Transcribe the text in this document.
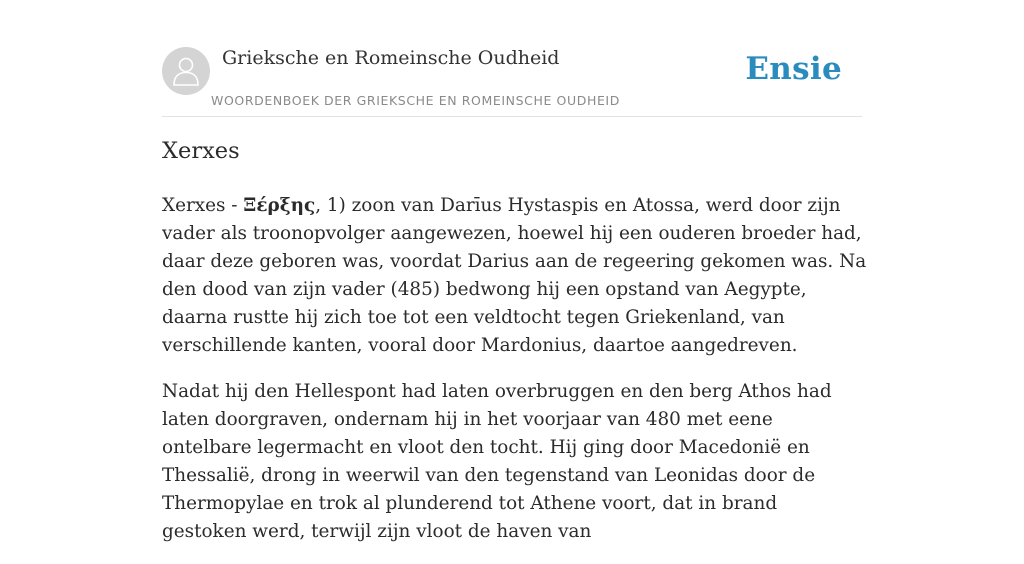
Grieksche en Romeinsche Oudheid
WOORDENBOEK DER GRIEKSCHE EN ROMEINSCHE OUDHEID
Ensie
Xerxes

Xerxes - Ξέρξης, 1) zoon van Darīus Hystaspis en Atossa, werd door zijn vader als troonopvolger aangewezen, hoewel hij een ouderen broeder had, daar deze geboren was, voordat Darius aan de regeering gekomen was. Na den dood van zijn vader (485) bedwong hij een opstand van Aegypte, daarna rustte hij zich toe tot een veldtocht tegen Griekenland, van verschillende kanten, vooral door Mardonius, daartoe aangedreven.

Nadat hij den Hellespont had laten overbruggen en den berg Athos had laten doorgraven, ondernam hij in het voorjaar van 480 met eene ontelbare legermacht en vloot den tocht. Hij ging door Macedonië en Thessalië, drong in weerwil van den tegenstand van Leonidas door de Thermopylae en trok al plunderend tot Athene voort, dat in brand gestoken werd, terwijl zijn vloot de haven van
